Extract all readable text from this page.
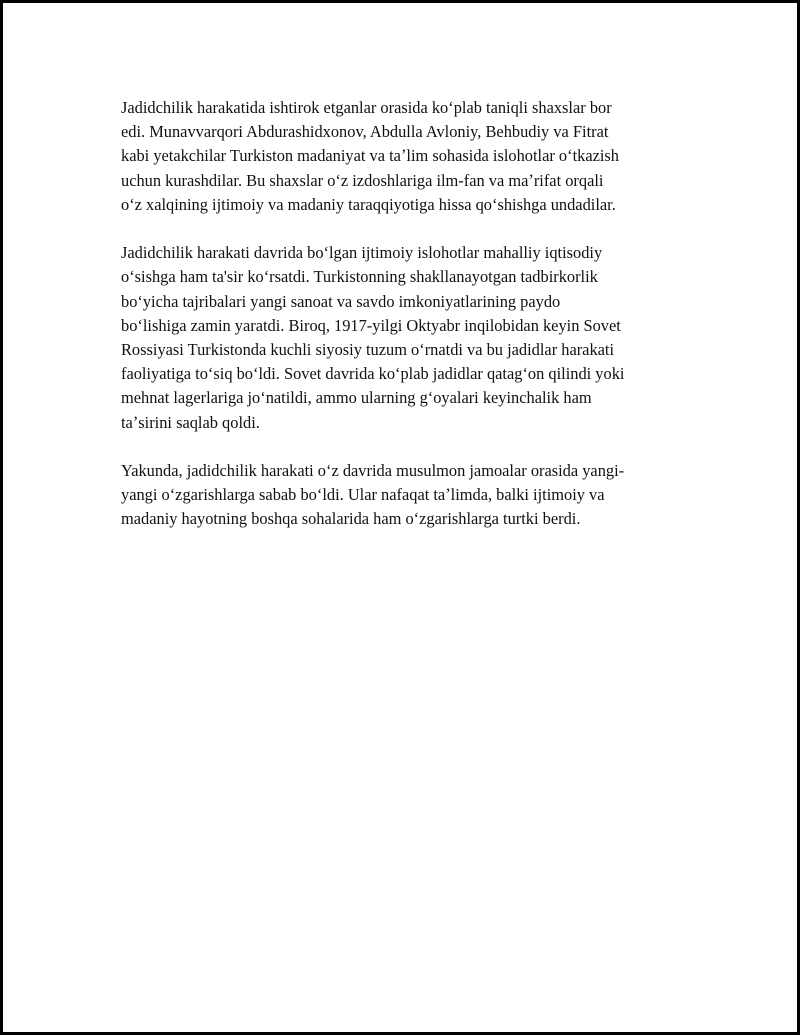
Jadidchilik harakatida ishtirok etganlar orasida koʻplab taniqli shaxslar bor
edi. Munavvarqori Abdurashidxonov, Abdulla Avloniy, Behbudiy va Fitrat
kabi yetakchilar Turkiston madaniyat va taʼlim sohasida islohotlar oʻtkazish
uchun kurashdilar. Bu shaxslar oʻz izdoshlariga ilm-fan va maʼrifat orqali
oʻz xalqining ijtimoiy va madaniy taraqqiyotiga hissa qoʻshishga undadilar.

Jadidchilik harakati davrida boʻlgan ijtimoiy islohotlar mahalliy iqtisodiy
oʻsishga ham ta'sir koʻrsatdi. Turkistonning shakllanayotgan tadbirkorlik
boʻyicha tajribalari yangi sanoat va savdo imkoniyatlarining paydo
boʻlishiga zamin yaratdi. Biroq, 1917-yilgi Oktyabr inqilobidan keyin Sovet
Rossiyasi Turkistonda kuchli siyosiy tuzum oʻrnatdi va bu jadidlar harakati
faoliyatiga toʻsiq boʻldi. Sovet davrida koʻplab jadidlar qatagʻon qilindi yoki
mehnat lagerlariga joʻnatildi, ammo ularning gʻoyalari keyinchalik ham
taʼsirini saqlab qoldi.

Yakunda, jadidchilik harakati oʻz davrida musulmon jamoalar orasida yangi-
yangi oʻzgarishlarga sabab boʻldi. Ular nafaqat taʼlimda, balki ijtimoiy va
madaniy hayotning boshqa sohalarida ham oʻzgarishlarga turtki berdi.
